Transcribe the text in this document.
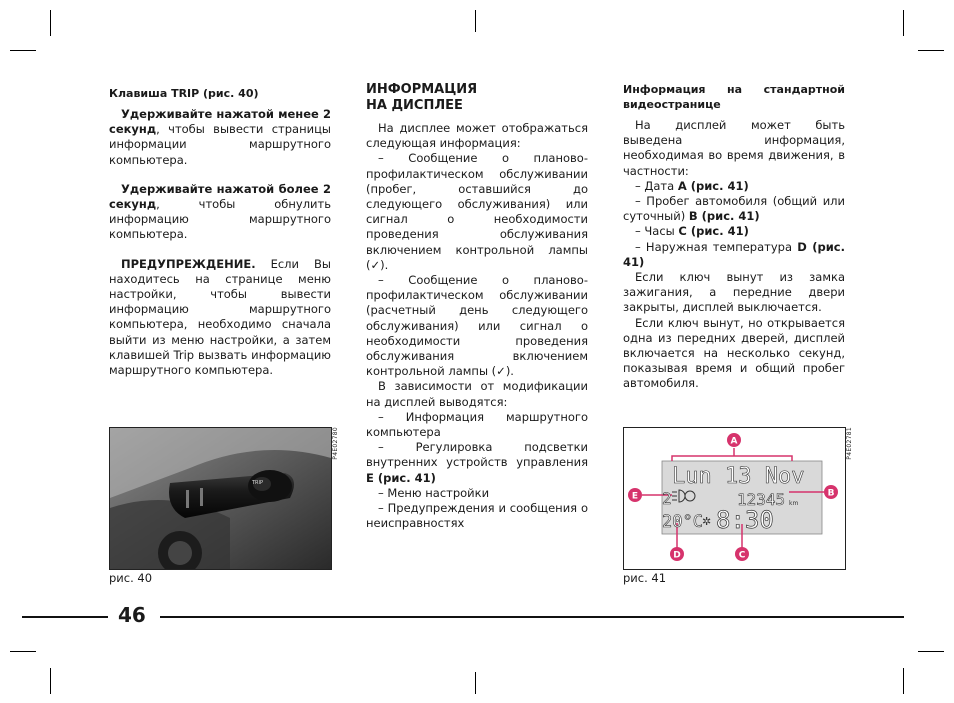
Клавиша TRIP (рис. 40)

Удерживайте нажатой менее 2 секунд, чтобы вывести страницы информации маршрутного компьютера.

Удерживайте нажатой более 2 секунд, чтобы обнулить информацию маршрутного компьютера.

ПРЕДУПРЕЖДЕНИЕ. Если Вы находитесь на странице меню настройки, чтобы вывести информацию маршрутного компьютера, необходимо сначала выйти из меню настройки, а затем клавишей Trip вызвать информацию маршрутного компьютера.

ИНФОРМАЦИЯ
НА ДИСПЛЕЕ

На дисплее может отображаться следующая информация:

– Сообщение о планово-профилактическом обслуживании (пробег, оставшийся до следующего обслуживания) или сигнал о необходимости проведения обслуживания включением контрольной лампы (✓).

– Сообщение о планово-профилактическом обслуживании (расчетный день следующего обслуживания) или сигнал о необходимости проведения обслуживания включением контрольной лампы (✓).

В зависимости от модификации на дисплей выводятся:

– Информация маршрутного компьютера

– Регулировка подсветки внутренних устройств управления E (рис. 41)

– Меню настройки

– Предупреждения и сообщения о неисправностях

Информация на стандартной видеостранице

На дисплей может быть выведена информация, необходимая во время движения, в частности:

– Дата A (рис. 41)

– Пробег автомобиля (общий или суточный) B (рис. 41)

– Часы C (рис. 41)

– Наружная температура D (рис. 41)

Если ключ вынут из замка зажигания, а передние двери закрыты, дисплей выключается.

Если ключ вынут, но открывается одна из передних дверей, дисплей включается на несколько секунд, показывая время и общий пробег автомобиля.

TRIP
P4E02780
рис. 40
Lun 13 Nov
2	12345 km
20°C ✲ 8:30
A
E	B
D	C
P4E02781
рис. 41
46
